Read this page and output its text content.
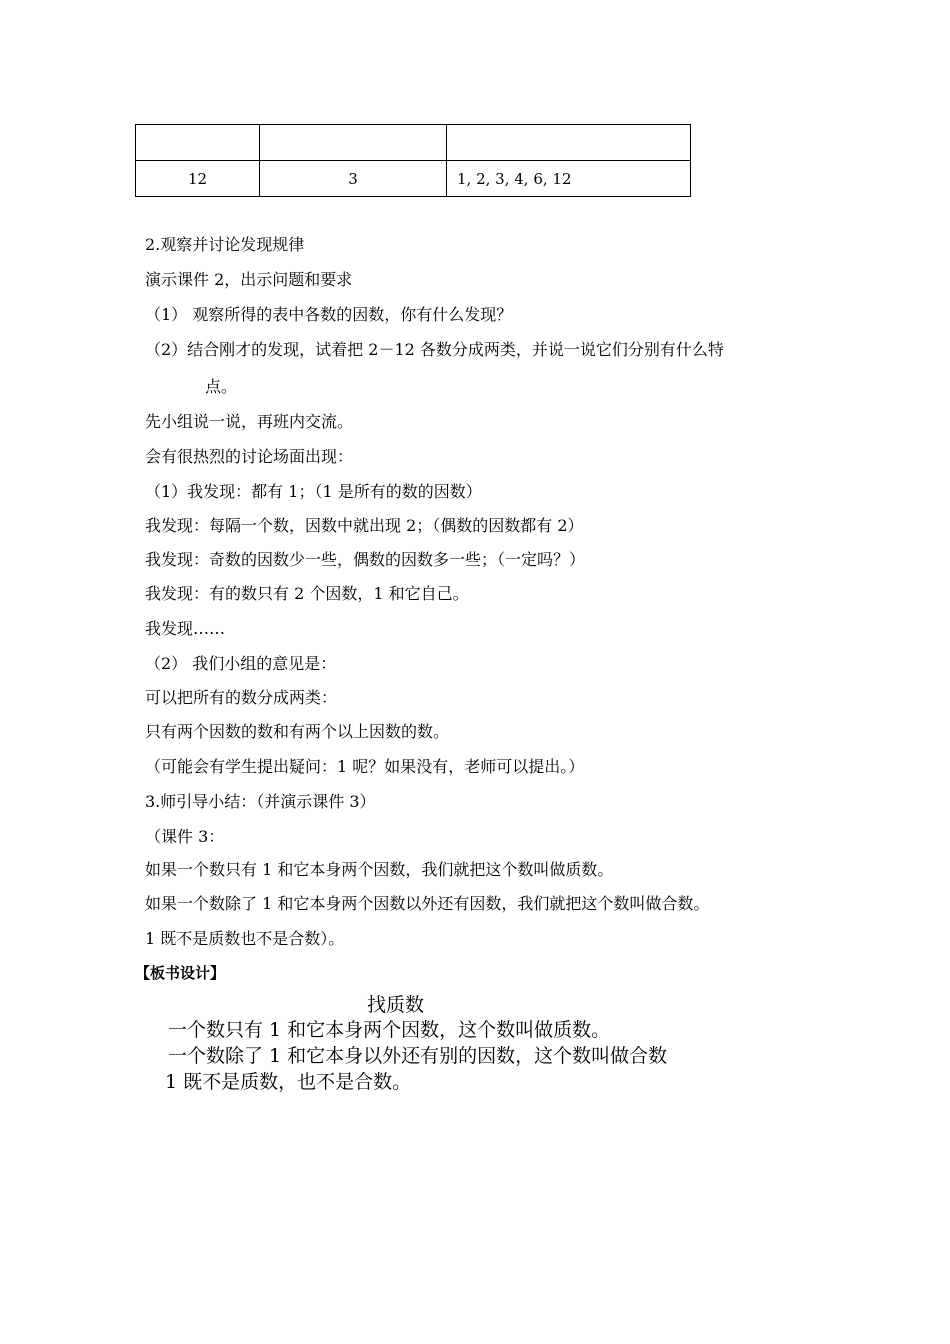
12	3	1, 2, 3, 4, 6, 12
2.观察并讨论发现规律
演示课件 2，出示问题和要求
（1） 观察所得的表中各数的因数，你有什么发现？
（2）结合刚才的发现，试着把 2－12 各数分成两类，并说一说它们分别有什么特
点。
先小组说一说，再班内交流。
会有很热烈的讨论场面出现：
（1）我发现：都有 1；（1 是所有的数的因数）
我发现：每隔一个数，因数中就出现 2；（偶数的因数都有 2）
我发现：奇数的因数少一些，偶数的因数多一些；（一定吗？）
我发现：有的数只有 2 个因数，1 和它自己。
我发现……
（2） 我们小组的意见是：
可以把所有的数分成两类：
只有两个因数的数和有两个以上因数的数。
（可能会有学生提出疑问：1 呢？如果没有，老师可以提出。）
3.师引导小结：（并演示课件 3）
（课件 3：
如果一个数只有 1 和它本身两个因数，我们就把这个数叫做质数。
如果一个数除了 1 和它本身两个因数以外还有因数，我们就把这个数叫做合数。
1 既不是质数也不是合数）。
【板书设计】
找质数
一个数只有 1 和它本身两个因数，这个数叫做质数。
一个数除了 1 和它本身以外还有别的因数，这个数叫做合数
1 既不是质数，也不是合数。
